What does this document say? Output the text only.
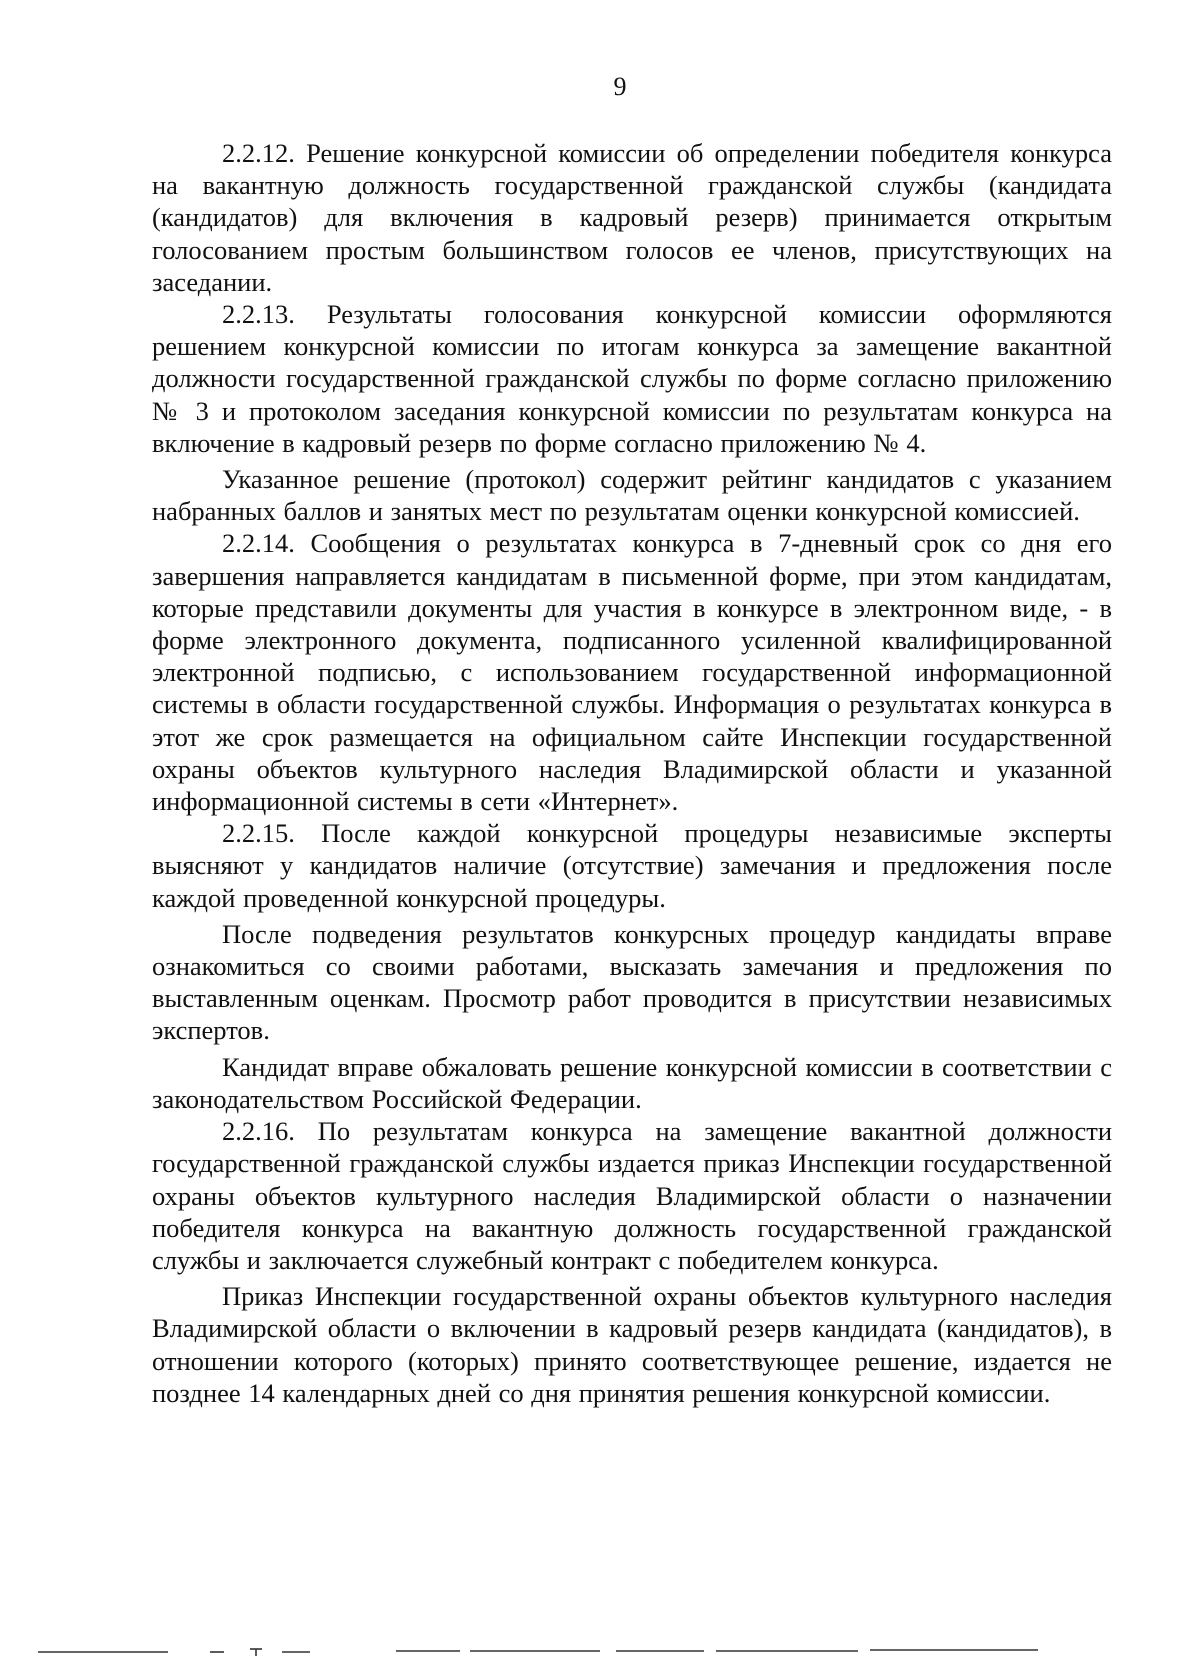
9

2.2.12. Решение конкурсной комиссии об определении победителя конкурса на вакантную должность государственной гражданской службы (кандидата (кандидатов) для включения в кадровый резерв) принимается открытым голосованием простым большинством голосов ее членов, присутствующих на заседании.

2.2.13. Результаты голосования конкурсной комиссии оформляются решением конкурсной комиссии по итогам конкурса за замещение вакантной должности государственной гражданской службы по форме согласно приложению № 3 и протоколом заседания конкурсной комиссии по результатам конкурса на включение в кадровый резерв по форме согласно приложению № 4.

Указанное решение (протокол) содержит рейтинг кандидатов с указанием набранных баллов и занятых мест по результатам оценки конкурсной комиссией.

2.2.14. Сообщения о результатах конкурса в 7-дневный срок со дня его завершения направляется кандидатам в письменной форме, при этом кандидатам, которые представили документы для участия в конкурсе в электронном виде, - в форме электронного документа, подписанного усиленной квалифицированной электронной подписью, с использованием государственной информационной системы в области государственной службы. Информация о результатах конкурса в этот же срок размещается на официальном сайте Инспекции государственной охраны объектов культурного наследия Владимирской области и указанной информационной системы в сети «Интернет».

2.2.15. После каждой конкурсной процедуры независимые эксперты выясняют у кандидатов наличие (отсутствие) замечания и предложения после каждой проведенной конкурсной процедуры.

После подведения результатов конкурсных процедур кандидаты вправе ознакомиться со своими работами, высказать замечания и предложения по выставленным оценкам. Просмотр работ проводится в присутствии независимых экспертов.

Кандидат вправе обжаловать решение конкурсной комиссии в соответствии с законодательством Российской Федерации.

2.2.16. По результатам конкурса на замещение вакантной должности государственной гражданской службы издается приказ Инспекции государственной охраны объектов культурного наследия Владимирской области о назначении победителя конкурса на вакантную должность государственной гражданской службы и заключается служебный контракт с победителем конкурса.

Приказ Инспекции государственной охраны объектов культурного наследия Владимирской области о включении в кадровый резерв кандидата (кандидатов), в отношении которого (которых) принято соответствующее решение, издается не позднее 14 календарных дней со дня принятия решения конкурсной комиссии.
